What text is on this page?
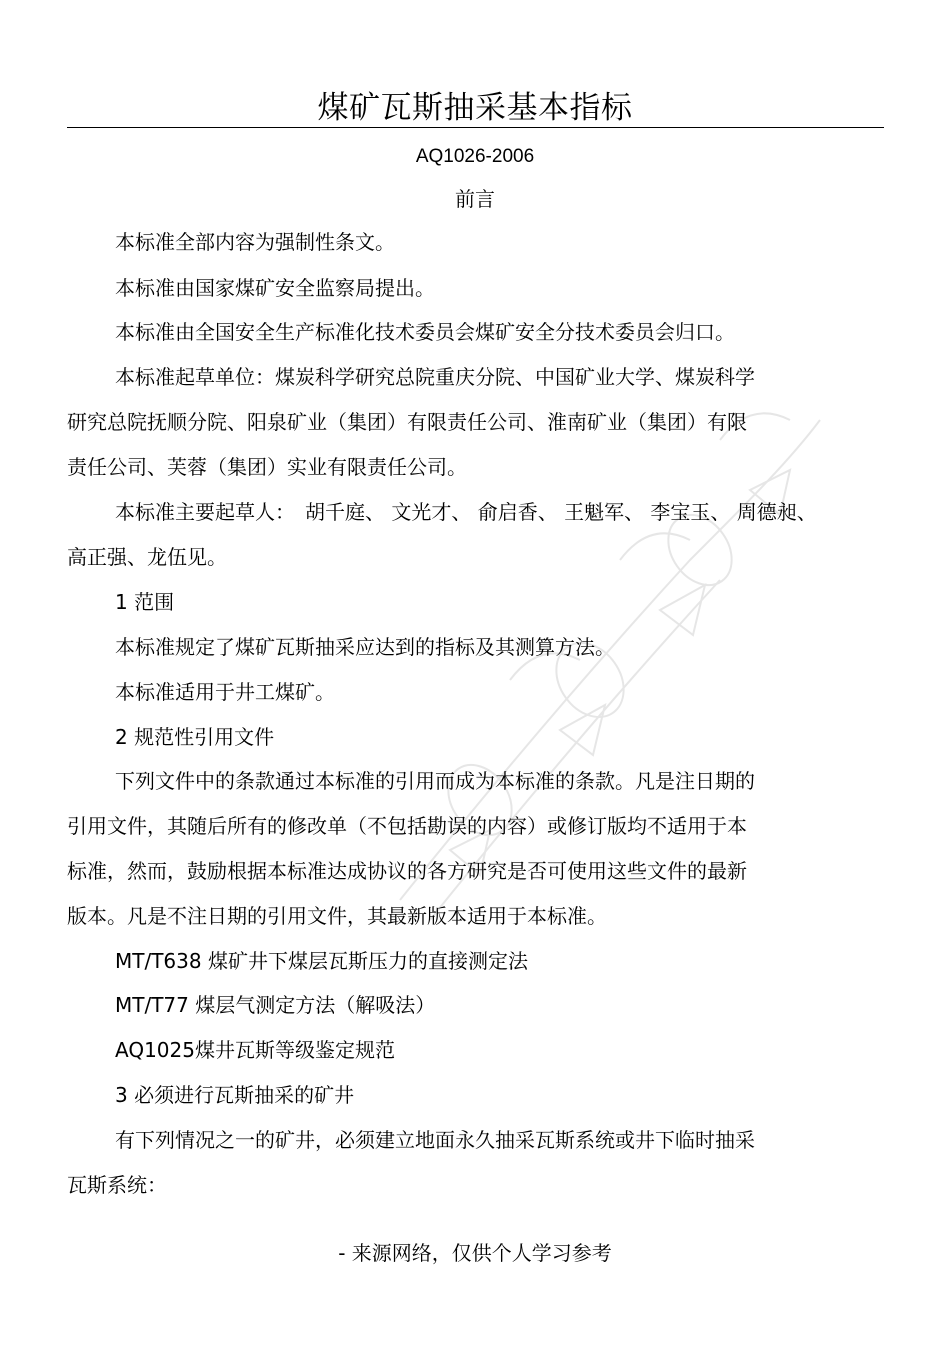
煤矿瓦斯抽采基本指标
AQ1026-2006
前言
本标准全部内容为强制性条文。
本标准由国家煤矿安全监察局提出。
本标准由全国安全生产标准化技术委员会煤矿安全分技术委员会归口。
本标准起草单位：煤炭科学研究总院重庆分院、中国矿业大学、煤炭科学
研究总院抚顺分院、阳泉矿业（集团）有限责任公司、淮南矿业（集团）有限
责任公司、芙蓉（集团）实业有限责任公司。
本标准主要起草人：　胡千庭、 文光才、 俞启香、 王魁军、 李宝玉、 周德昶、
高正强、龙伍见。
1 范围
本标准规定了煤矿瓦斯抽采应达到的指标及其测算方法。
本标准适用于井工煤矿。
2 规范性引用文件
下列文件中的条款通过本标准的引用而成为本标准的条款。凡是注日期的
引用文件，其随后所有的修改单（不包括勘误的内容）或修订版均不适用于本
标准，然而，鼓励根据本标准达成协议的各方研究是否可使用这些文件的最新
版本。凡是不注日期的引用文件，其最新版本适用于本标准。
MT/T638 煤矿井下煤层瓦斯压力的直接测定法
MT/T77 煤层气测定方法（解吸法）
AQ1025煤井瓦斯等级鉴定规范
3 必须进行瓦斯抽采的矿井
有下列情况之一的矿井，必须建立地面永久抽采瓦斯系统或井下临时抽采
瓦斯系统：
- 来源网络，仅供个人学习参考
